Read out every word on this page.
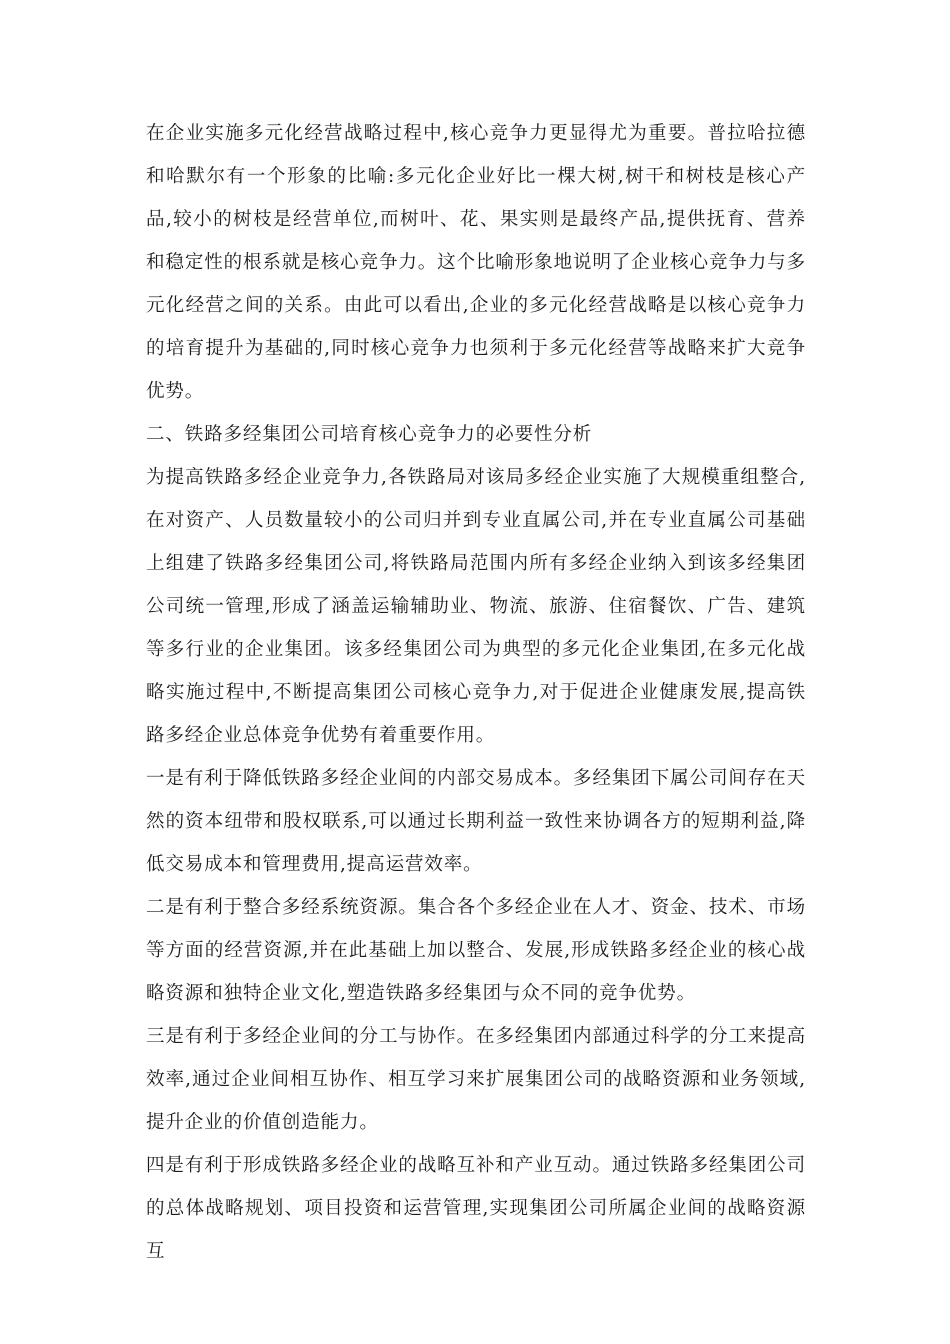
在企业实施多元化经营战略过程中,核心竞争力更显得尤为重要。普拉哈拉德和哈默尔有一个形象的比喻:多元化企业好比一棵大树,树干和树枝是核心产品,较小的树枝是经营单位,而树叶、花、果实则是最终产品,提供抚育、营养和稳定性的根系就是核心竞争力。这个比喻形象地说明了企业核心竞争力与多元化经营之间的关系。由此可以看出,企业的多元化经营战略是以核心竞争力的培育提升为基础的,同时核心竞争力也须利于多元化经营等战略来扩大竞争优势。

二、铁路多经集团公司培育核心竞争力的必要性分析

为提高铁路多经企业竞争力,各铁路局对该局多经企业实施了大规模重组整合,在对资产、人员数量较小的公司归并到专业直属公司,并在专业直属公司基础上组建了铁路多经集团公司,将铁路局范围内所有多经企业纳入到该多经集团公司统一管理,形成了涵盖运输辅助业、物流、旅游、住宿餐饮、广告、建筑等多行业的企业集团。该多经集团公司为典型的多元化企业集团,在多元化战略实施过程中,不断提高集团公司核心竞争力,对于促进企业健康发展,提高铁路多经企业总体竞争优势有着重要作用。

一是有利于降低铁路多经企业间的内部交易成本。多经集团下属公司间存在天然的资本纽带和股权联系,可以通过长期利益一致性来协调各方的短期利益,降低交易成本和管理费用,提高运营效率。

二是有利于整合多经系统资源。集合各个多经企业在人才、资金、技术、市场等方面的经营资源,并在此基础上加以整合、发展,形成铁路多经企业的核心战略资源和独特企业文化,塑造铁路多经集团与众不同的竞争优势。

三是有利于多经企业间的分工与协作。在多经集团内部通过科学的分工来提高效率,通过企业间相互协作、相互学习来扩展集团公司的战略资源和业务领域,提升企业的价值创造能力。

四是有利于形成铁路多经企业的战略互补和产业互动。通过铁路多经集团公司的总体战略规划、项目投资和运营管理,实现集团公司所属企业间的战略资源互
